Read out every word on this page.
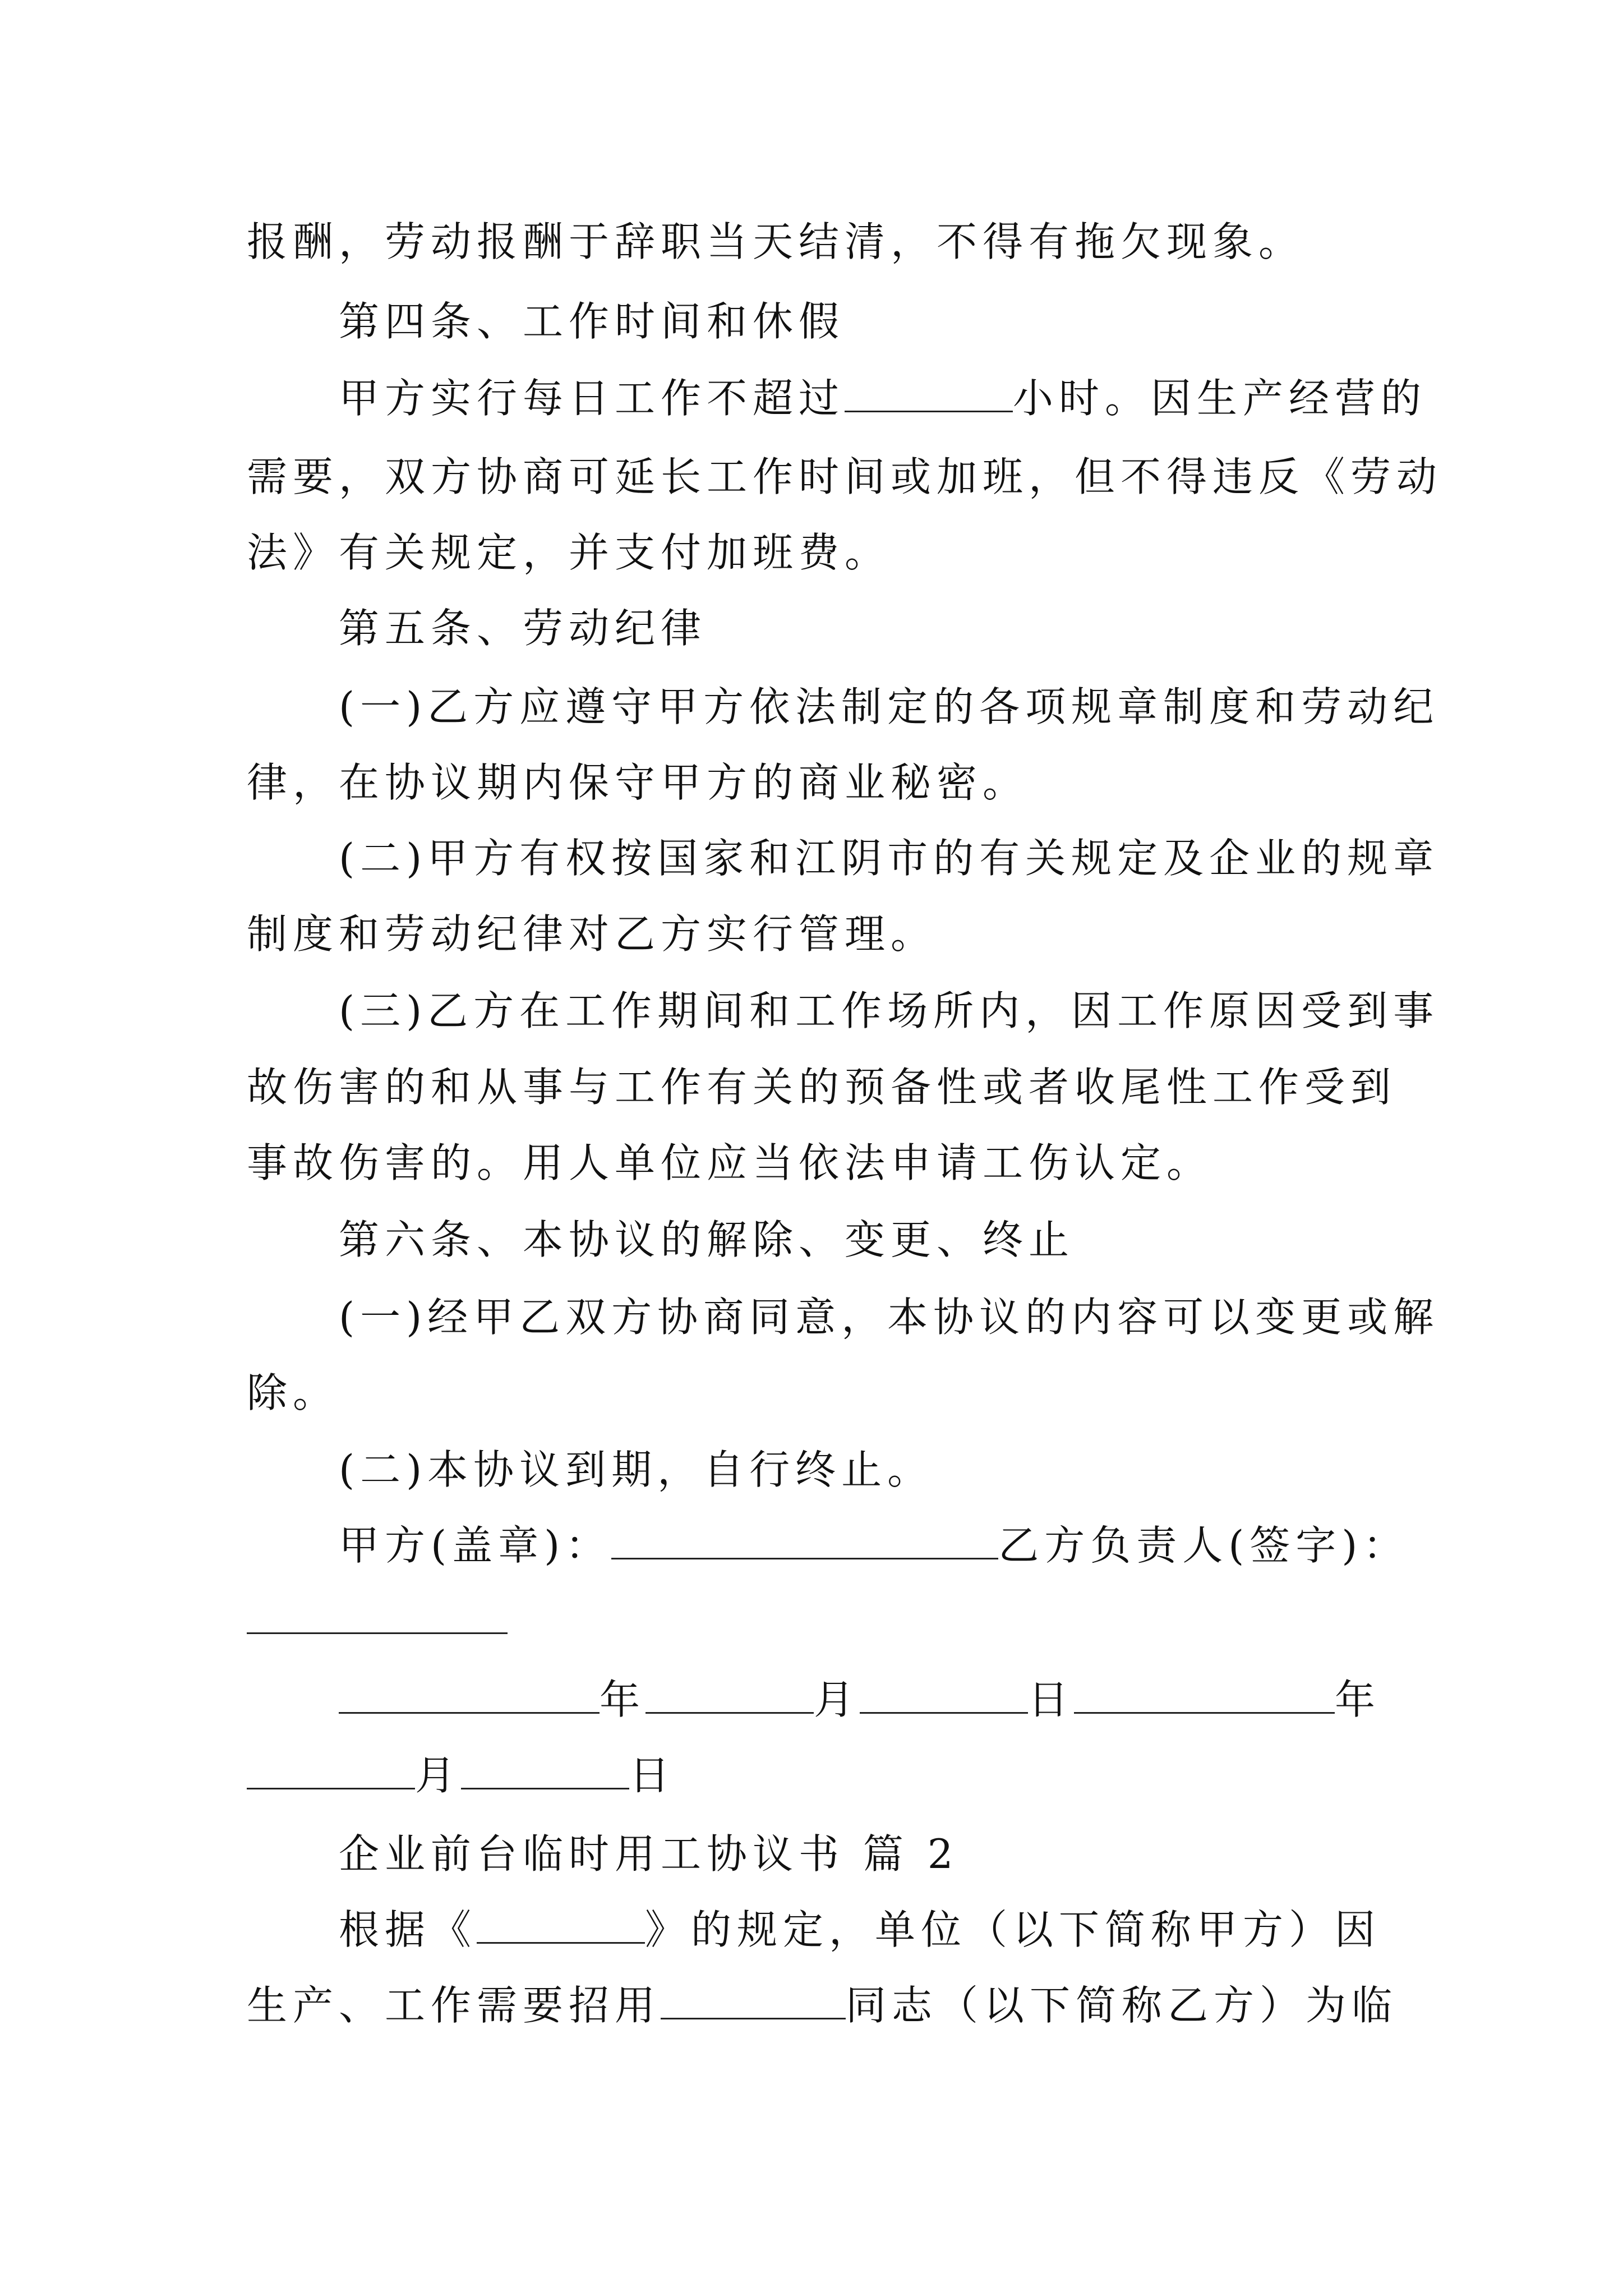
报酬，劳动报酬于辞职当天结清，不得有拖欠现象。
第四条、工作时间和休假
甲方实行每日工作不超过	小时。因生产经营的
需要，双方协商可延长工作时间或加班，但不得违反《劳动
法》有关规定，并支付加班费。
第五条、劳动纪律
(一)乙方应遵守甲方依法制定的各项规章制度和劳动纪
律，在协议期内保守甲方的商业秘密。
(二)甲方有权按国家和江阴市的有关规定及企业的规章
制度和劳动纪律对乙方实行管理。
(三)乙方在工作期间和工作场所内，因工作原因受到事
故伤害的和从事与工作有关的预备性或者收尾性工作受到
事故伤害的。用人单位应当依法申请工伤认定。
第六条、本协议的解除、变更、终止
(一)经甲乙双方协商同意，本协议的内容可以变更或解
除。
(二)本协议到期，自行终止。
甲方(盖章)：	乙方负责人(签字)：
年	月	日	年
月	日
企业前台临时用工协议书 篇 2
根据《	》的规定，单位（以下简称甲方）因
生产、工作需要招用	同志（以下简称乙方）为临
